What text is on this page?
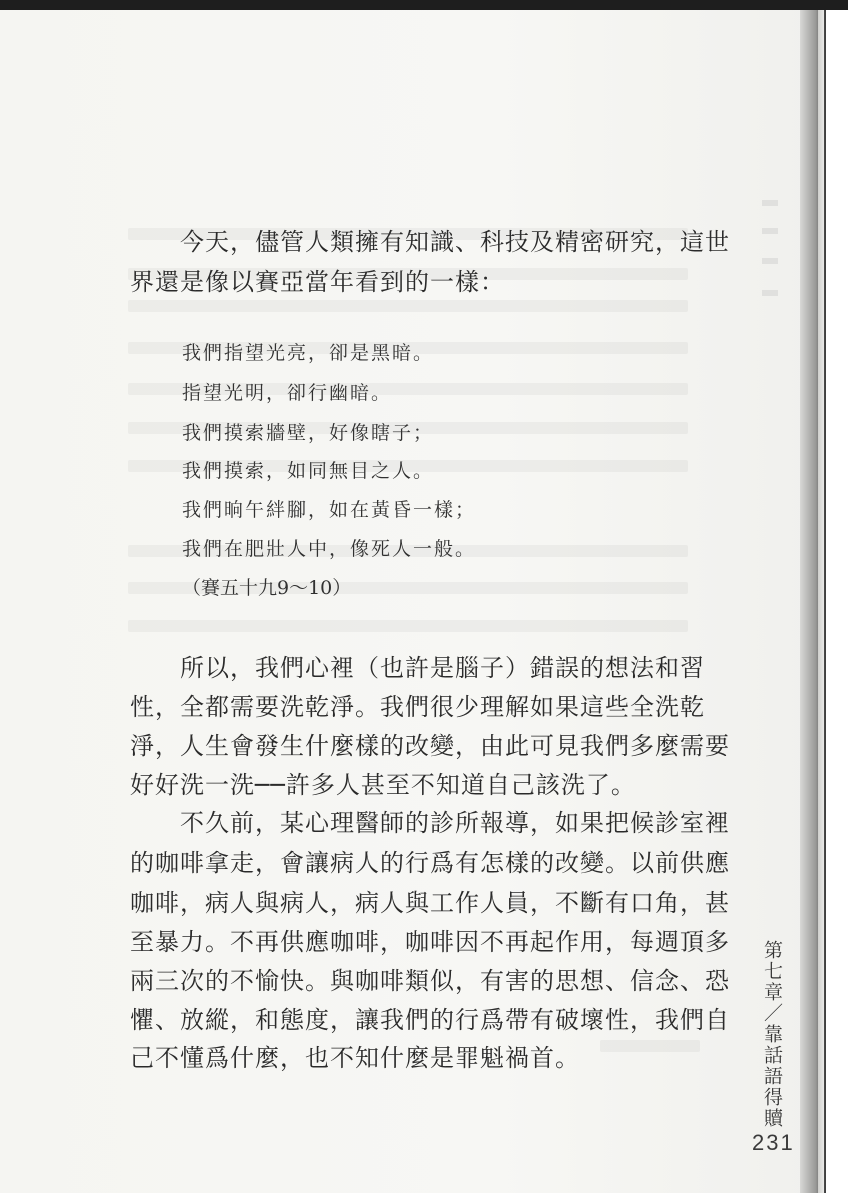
今天，儘管人類擁有知識、科技及精密研究，這世
界還是像以賽亞當年看到的一樣：
我們指望光亮，卻是黑暗。
指望光明，卻行幽暗。
我們摸索牆壁，好像瞎子；
我們摸索，如同無目之人。
我們晌午絆腳，如在黃昏一樣；
我們在肥壯人中，像死人一般。
（賽五十九9～10）
所以，我們心裡（也許是腦子）錯誤的想法和習
性，全都需要洗乾淨。我們很少理解如果這些全洗乾
淨，人生會發生什麼樣的改變，由此可見我們多麼需要
好好洗一洗──許多人甚至不知道自己該洗了。
不久前，某心理醫師的診所報導，如果把候診室裡
的咖啡拿走，會讓病人的行爲有怎樣的改變。以前供應
咖啡，病人與病人，病人與工作人員，不斷有口角，甚
至暴力。不再供應咖啡，咖啡因不再起作用，每週頂多
兩三次的不愉快。與咖啡類似，有害的思想、信念、恐
懼、放縱，和態度，讓我們的行爲帶有破壞性，我們自
己不懂爲什麼，也不知什麼是罪魁禍首。	第七章／靠話語得贖
231
